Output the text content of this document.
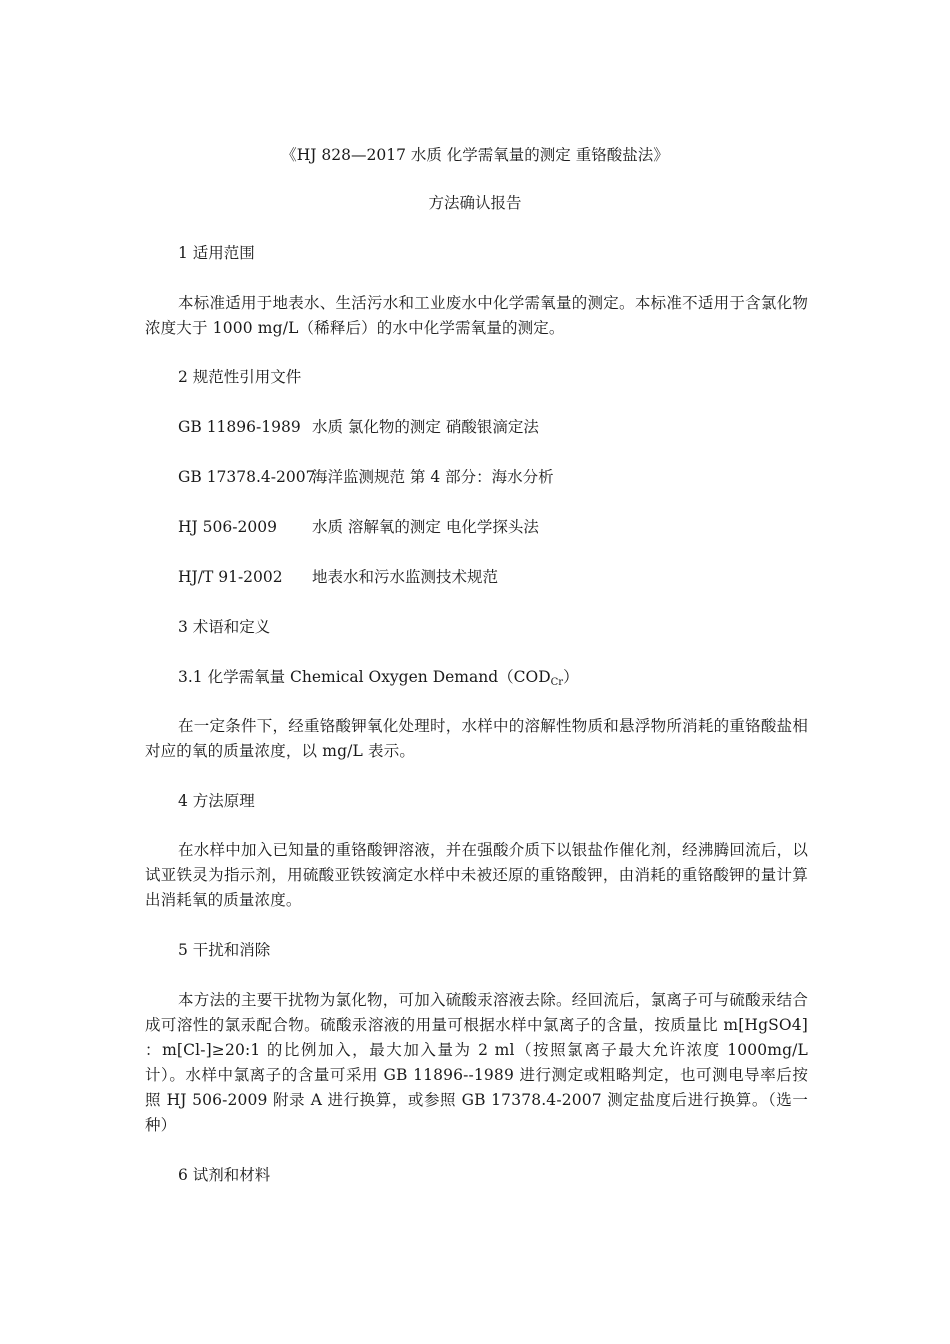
《HJ 828—2017 水质 化学需氧量的测定 重铬酸盐法》
方法确认报告
1 适用范围
本标准适用于地表水、生活污水和工业废水中化学需氧量的测定。本标准不适用于含氯化物浓度大于 1000 mg/L（稀释后）的水中化学需氧量的测定。
2 规范性引用文件
GB 11896-1989 水质 氯化物的测定 硝酸银滴定法
GB 17378.4-2007海洋监测规范 第 4 部分：海水分析
HJ 506-2009 水质 溶解氧的测定 电化学探头法
HJ/T 91-2002 地表水和污水监测技术规范
3 术语和定义
3.1 化学需氧量 Chemical Oxygen $Demand(COD_{Cr})$
在一定条件下，经重铬酸钾氧化处理时，水样中的溶解性物质和悬浮物所消耗的重铬酸盐相对应的氧的质量浓度，以 mg/L 表示。
4 方法原理
在水样中加入已知量的重铬酸钾溶液，并在强酸介质下以银盐作催化剂，经沸腾回流后，以试亚铁灵为指示剂，用硫酸亚铁铵滴定水样中未被还原的重铬酸钾，由消耗的重铬酸钾的量计算出消耗氧的质量浓度。
5 干扰和消除
本方法的主要干扰物为氯化物，可加入硫酸汞溶液去除。经回流后，氯离子可与硫酸汞结合成可溶性的氯汞配合物。硫酸汞溶液的用量可根据水样中氯离子的含量，按质量比 m[HgSO4] ：m[Cl-]≥20:1 的比例加入，最大加入量为 2 ml（按照氯离子最大允许浓度 1000mg/L 计）。水样中氯离子的含量可采用 GB 11896--1989 进行测定或粗略判定，也可测电导率后按照 HJ 506-2009 附录 A 进行换算，或参照 GB 17378.4-2007 测定盐度后进行换算。（选一种）
6 试剂和材料
